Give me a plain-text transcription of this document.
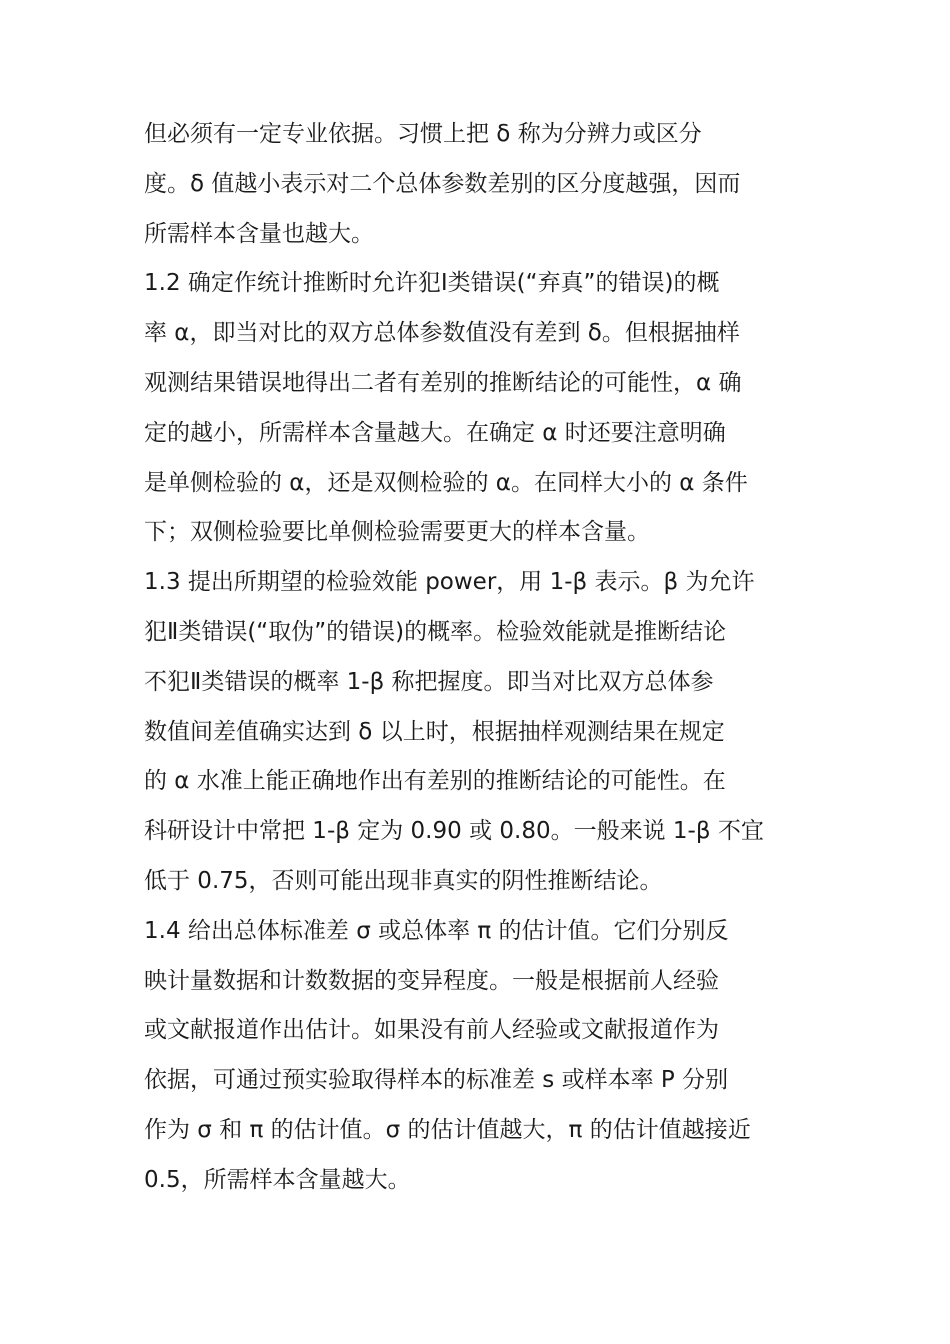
但必须有一定专业依据。习惯上把 δ 称为分辨力或区分
度。δ 值越小表示对二个总体参数差别的区分度越强，因而
所需样本含量也越大。
1.2 确定作统计推断时允许犯Ⅰ类错误(“弃真”的错误)的概
率 α，即当对比的双方总体参数值没有差到 δ。但根据抽样
观测结果错误地得出二者有差别的推断结论的可能性，α 确
定的越小，所需样本含量越大。在确定 α 时还要注意明确
是单侧检验的 α，还是双侧检验的 α。在同样大小的 α 条件
下；双侧检验要比单侧检验需要更大的样本含量。
1.3 提出所期望的检验效能 power，用 1-β 表示。β 为允许
犯Ⅱ类错误(“取伪”的错误)的概率。检验效能就是推断结论
不犯Ⅱ类错误的概率 1-β 称把握度。即当对比双方总体参
数值间差值确实达到 δ 以上时，根据抽样观测结果在规定
的 α 水准上能正确地作出有差别的推断结论的可能性。在
科研设计中常把 1-β 定为 0.90 或 0.80。一般来说 1-β 不宜
低于 0.75，否则可能出现非真实的阴性推断结论。
1.4 给出总体标准差 σ 或总体率 π 的估计值。它们分别反
映计量数据和计数数据的变异程度。一般是根据前人经验
或文献报道作出估计。如果没有前人经验或文献报道作为
依据，可通过预实验取得样本的标准差 s 或样本率 P 分别
作为 σ 和 π 的估计值。σ 的估计值越大，π 的估计值越接近
0.5，所需样本含量越大。
